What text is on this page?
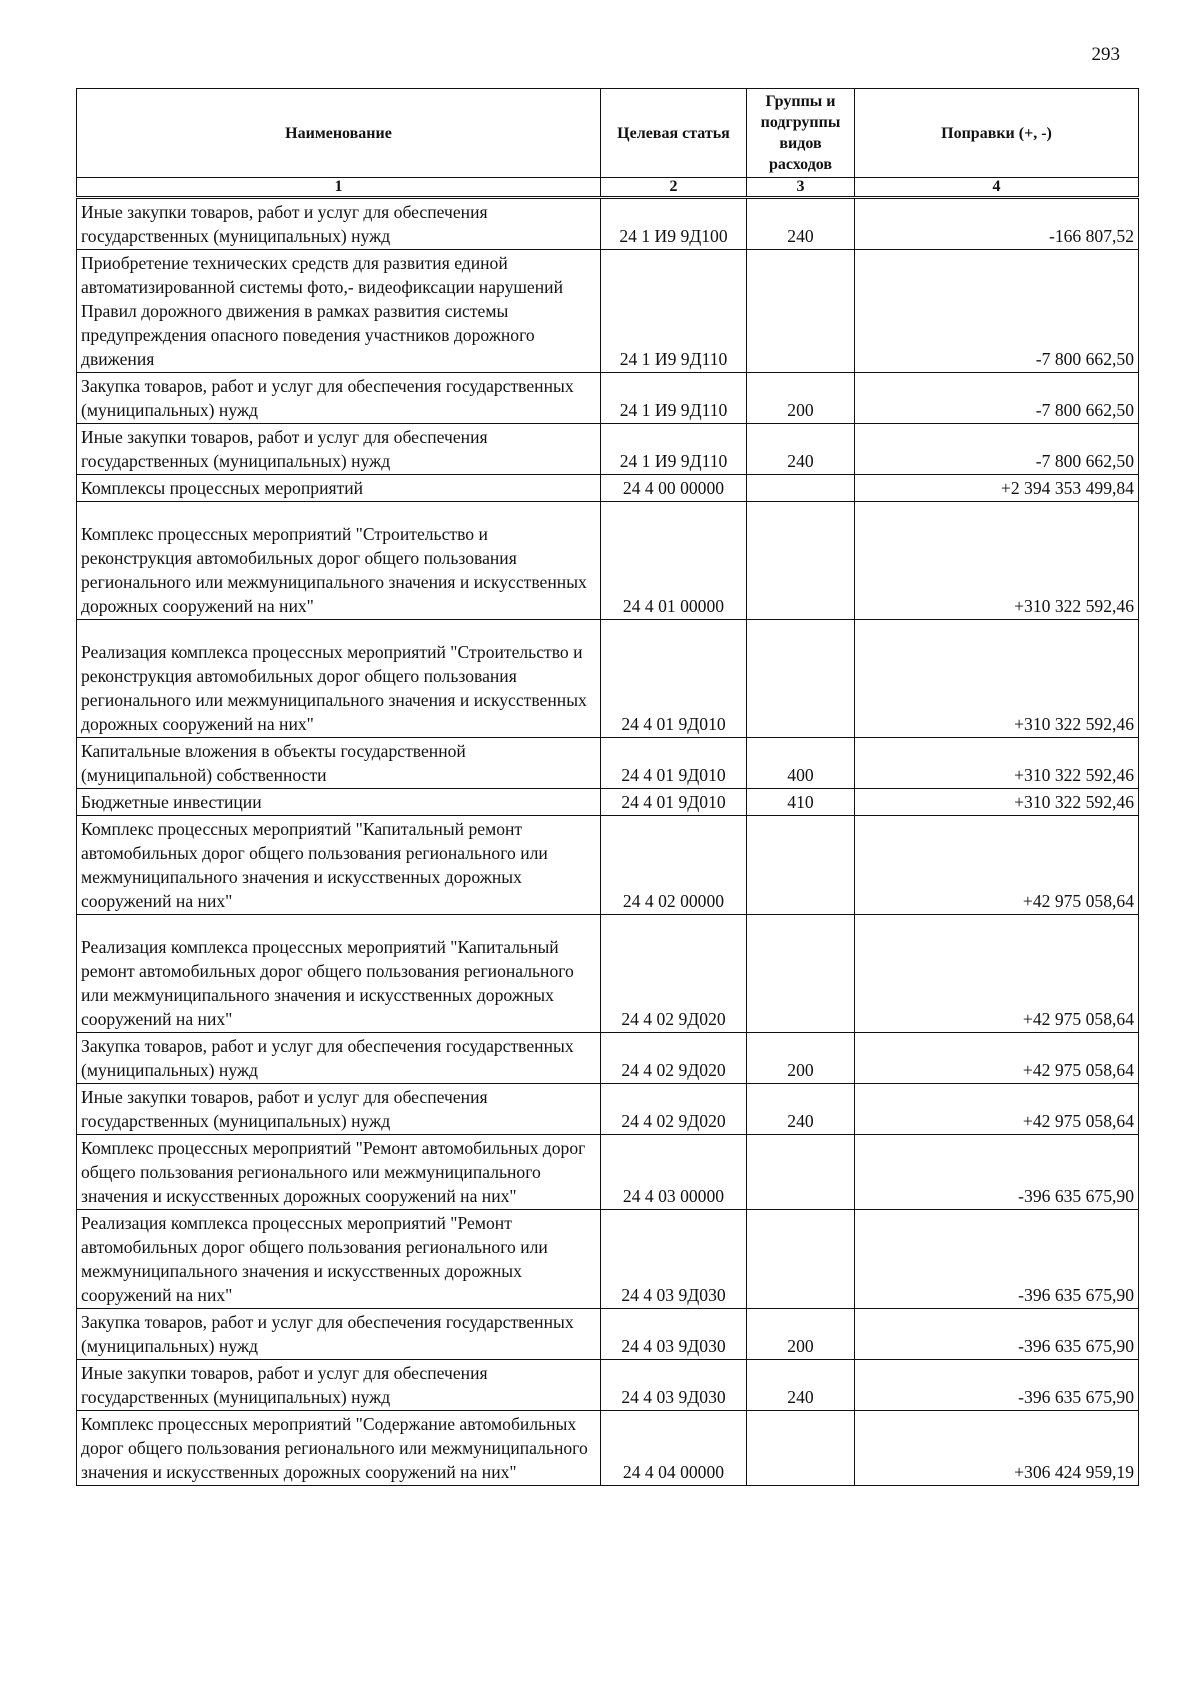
293
Наименование	Целевая статья	Группы и подгруппы видов расходов	Поправки (+, -)
1	2	3	4
Иные закупки товаров, работ и услуг для обеспечения государственных (муниципальных) нужд	24 1 И9 9Д100	240	-166 807,52
Приобретение технических средств для развития единой автоматизированной системы фото,- видеофиксации нарушений Правил дорожного движения в рамках развития системы предупреждения опасного поведения участников дорожного движения	24 1 И9 9Д110		-7 800 662,50
Закупка товаров, работ и услуг для обеспечения государственных (муниципальных) нужд	24 1 И9 9Д110	200	-7 800 662,50
Иные закупки товаров, работ и услуг для обеспечения государственных (муниципальных) нужд	24 1 И9 9Д110	240	-7 800 662,50
Комплексы процессных мероприятий	24 4 00 00000		+2 394 353 499,84
Комплекс процессных мероприятий "Строительство и реконструкция автомобильных дорог общего пользования регионального или межмуниципального значения и искусственных дорожных сооружений на них"	24 4 01 00000		+310 322 592,46
Реализация комплекса процессных мероприятий "Строительство и реконструкция автомобильных дорог общего пользования регионального или межмуниципального значения и искусственных дорожных сооружений на них"	24 4 01 9Д010		+310 322 592,46
Капитальные вложения в объекты государственной (муниципальной) собственности	24 4 01 9Д010	400	+310 322 592,46
Бюджетные инвестиции	24 4 01 9Д010	410	+310 322 592,46
Комплекс процессных мероприятий "Капитальный ремонт автомобильных дорог общего пользования регионального или межмуниципального значения и искусственных дорожных сооружений на них"	24 4 02 00000		+42 975 058,64
Реализация комплекса процессных мероприятий "Капитальный ремонт автомобильных дорог общего пользования регионального или межмуниципального значения и искусственных дорожных сооружений на них"	24 4 02 9Д020		+42 975 058,64
Закупка товаров, работ и услуг для обеспечения государственных (муниципальных) нужд	24 4 02 9Д020	200	+42 975 058,64
Иные закупки товаров, работ и услуг для обеспечения государственных (муниципальных) нужд	24 4 02 9Д020	240	+42 975 058,64
Комплекс процессных мероприятий "Ремонт автомобильных дорог общего пользования регионального или межмуниципального значения и искусственных дорожных сооружений на них"	24 4 03 00000		-396 635 675,90
Реализация комплекса процессных мероприятий "Ремонт автомобильных дорог общего пользования регионального или межмуниципального значения и искусственных дорожных сооружений на них"	24 4 03 9Д030		-396 635 675,90
Закупка товаров, работ и услуг для обеспечения государственных (муниципальных) нужд	24 4 03 9Д030	200	-396 635 675,90
Иные закупки товаров, работ и услуг для обеспечения государственных (муниципальных) нужд	24 4 03 9Д030	240	-396 635 675,90
Комплекс процессных мероприятий "Содержание автомобильных дорог общего пользования регионального или межмуниципального значения и искусственных дорожных сооружений на них"	24 4 04 00000		+306 424 959,19
